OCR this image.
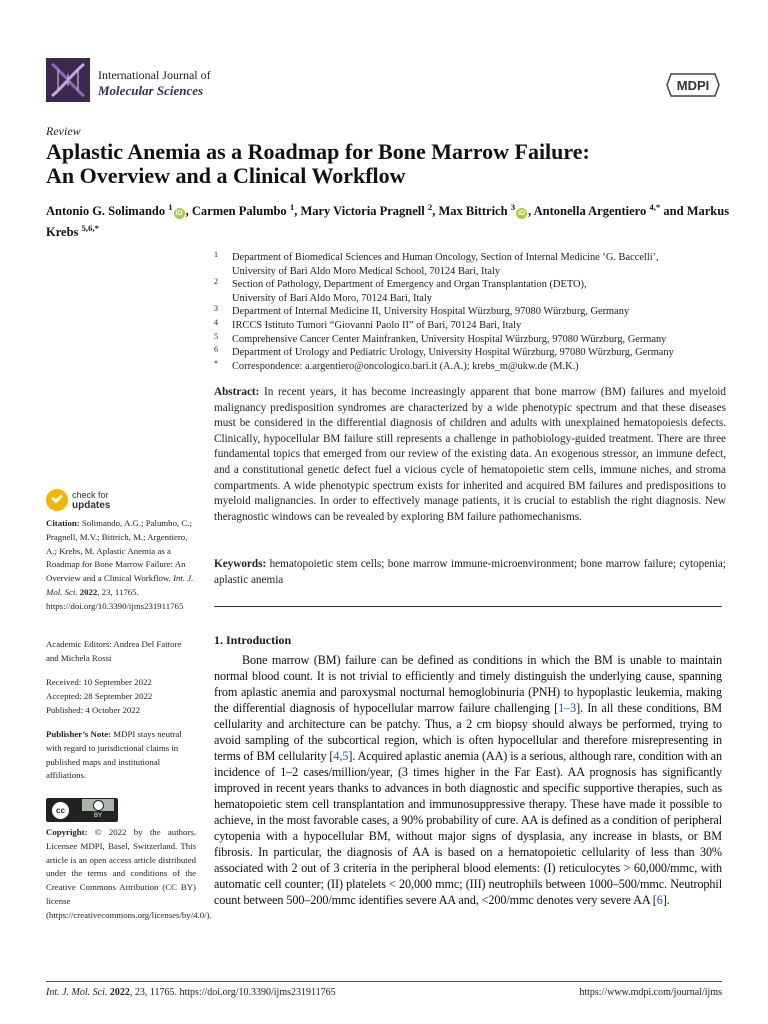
International Journal of
Molecular Sciences	MDPI
Review
Aplastic Anemia as a Roadmap for Bone Marrow Failure:
An Overview and a Clinical Workflow
Antonio G. Solimando $^1$iD , Carmen Palumbo $^1$, Mary Victoria Pragnell $^2$, Max Bittrich $^3$iD , Antonella Argentiero $^{4,*}$ and Markus Krebs $^{5,6,*}$
1 Department of Biomedical Sciences and Human Oncology, Section of Internal Medicine ‘G. Baccelli’,
University of Bari Aldo Moro Medical School, 70124 Bari, Italy
2 Section of Pathology, Department of Emergency and Organ Transplantation (DETO),
University of Bari Aldo Moro, 70124 Bari, Italy
3 Department of Internal Medicine II, University Hospital Würzburg, 97080 Würzburg, Germany
4 IRCCS Istituto Tumori “Giovanni Paolo II” of Bari, 70124 Bari, Italy
5 Comprehensive Cancer Center Mainfranken, University Hospital Würzburg, 97080 Würzburg, Germany
6 Department of Urology and Pediatric Urology, University Hospital Würzburg, 97080 Würzburg, Germany
* Correspondence: a.argentiero@oncologico.bari.it (A.A.); krebs_m@ukw.de (M.K.)

Abstract: In recent years, it has become increasingly apparent that bone marrow (BM) failures and myeloid malignancy predisposition syndromes are characterized by a wide phenotypic spectrum and that these diseases must be considered in the differential diagnosis of children and adults with unexplained hematopoiesis defects. Clinically, hypocellular BM failure still represents a challenge in pathobiology-guided treatment. There are three fundamental topics that emerged from our review of the existing data. An exogenous stressor, an immune defect, and a constitutional genetic defect fuel a vicious cycle of hematopoietic stem cells, immune niches, and stroma compartments. A wide phenotypic spectrum exists for inherited and acquired BM failures and predispositions to myeloid malignancies. In order to effectively manage patients, it is crucial to establish the right diagnosis. New theragnostic windows can be revealed by exploring BM failure pathomechanisms.

Keywords: hematopoietic stem cells; bone marrow immune-microenvironment; bone marrow failure; cytopenia; aplastic anemia

1. Introduction

Bone marrow (BM) failure can be defined as conditions in which the BM is unable to maintain normal blood count. It is not trivial to efficiently and timely distinguish the underlying cause, spanning from aplastic anemia and paroxysmal nocturnal hemoglobinuria (PNH) to hypoplastic leukemia, making the differential diagnosis of hypocellular marrow failure challenging [1–3]. In all these conditions, BM cellularity and architecture can be patchy. Thus, a 2 cm biopsy should always be performed, trying to avoid sampling of the subcortical region, which is often hypocellular and therefore misrepresenting in terms of BM cellularity [4,5]. Acquired aplastic anemia (AA) is a serious, although rare, condition with an incidence of 1–2 cases/million/year, (3 times higher in the Far East). AA prognosis has significantly improved in recent years thanks to advances in both diagnostic and specific supportive therapies, such as hematopoietic stem cell transplantation and immunosuppressive therapy. These have made it possible to achieve, in the most favorable cases, a 90% probability of cure. AA is defined as a condition of peripheral cytopenia with a hypocellular BM, without major signs of dysplasia, any increase in blasts, or BM fibrosis. In particular, the diagnosis of AA is based on a hematopoietic cellularity of less than 30% associated with 2 out of 3 criteria in the peripheral blood elements: (I) reticulocytes > 60,000/mmc, with automatic cell counter; (II) platelets < 20,000 mmc; (III) neutrophils between 1000–500/mmc. Neutrophil count between 500–200/mmc identifies severe AA and, <200/mmc denotes very severe AA [6].

check for
updates
Citation: Solimando, A.G.; Palumbo, C.; Pragnell, M.V.; Bittrich, M.; Argentiero, A.; Krebs, M. Aplastic Anemia as a Roadmap for Bone Marrow Failure: An Overview and a Clinical Workflow. Int. J. Mol. Sci. 2022, 23, 11765. https://doi.org/10.3390/ijms231911765
Academic Editors: Andrea Del Fattore and Michela Rossi
Received: 10 September 2022
Accepted: 28 September 2022
Published: 4 October 2022
Publisher’s Note: MDPI stays neutral with regard to jurisdictional claims in published maps and institutional affiliations.
cc
BY
Copyright: © 2022 by the authors. Licensee MDPI, Basel, Switzerland. This article is an open access article distributed under the terms and conditions of the Creative Commons Attribution (CC BY) license (https://creativecommons.org/licenses/by/4.0/).
Int. J. Mol. Sci. 2022, 23, 11765. https://doi.org/10.3390/ijms231911765	https://www.mdpi.com/journal/ijms
